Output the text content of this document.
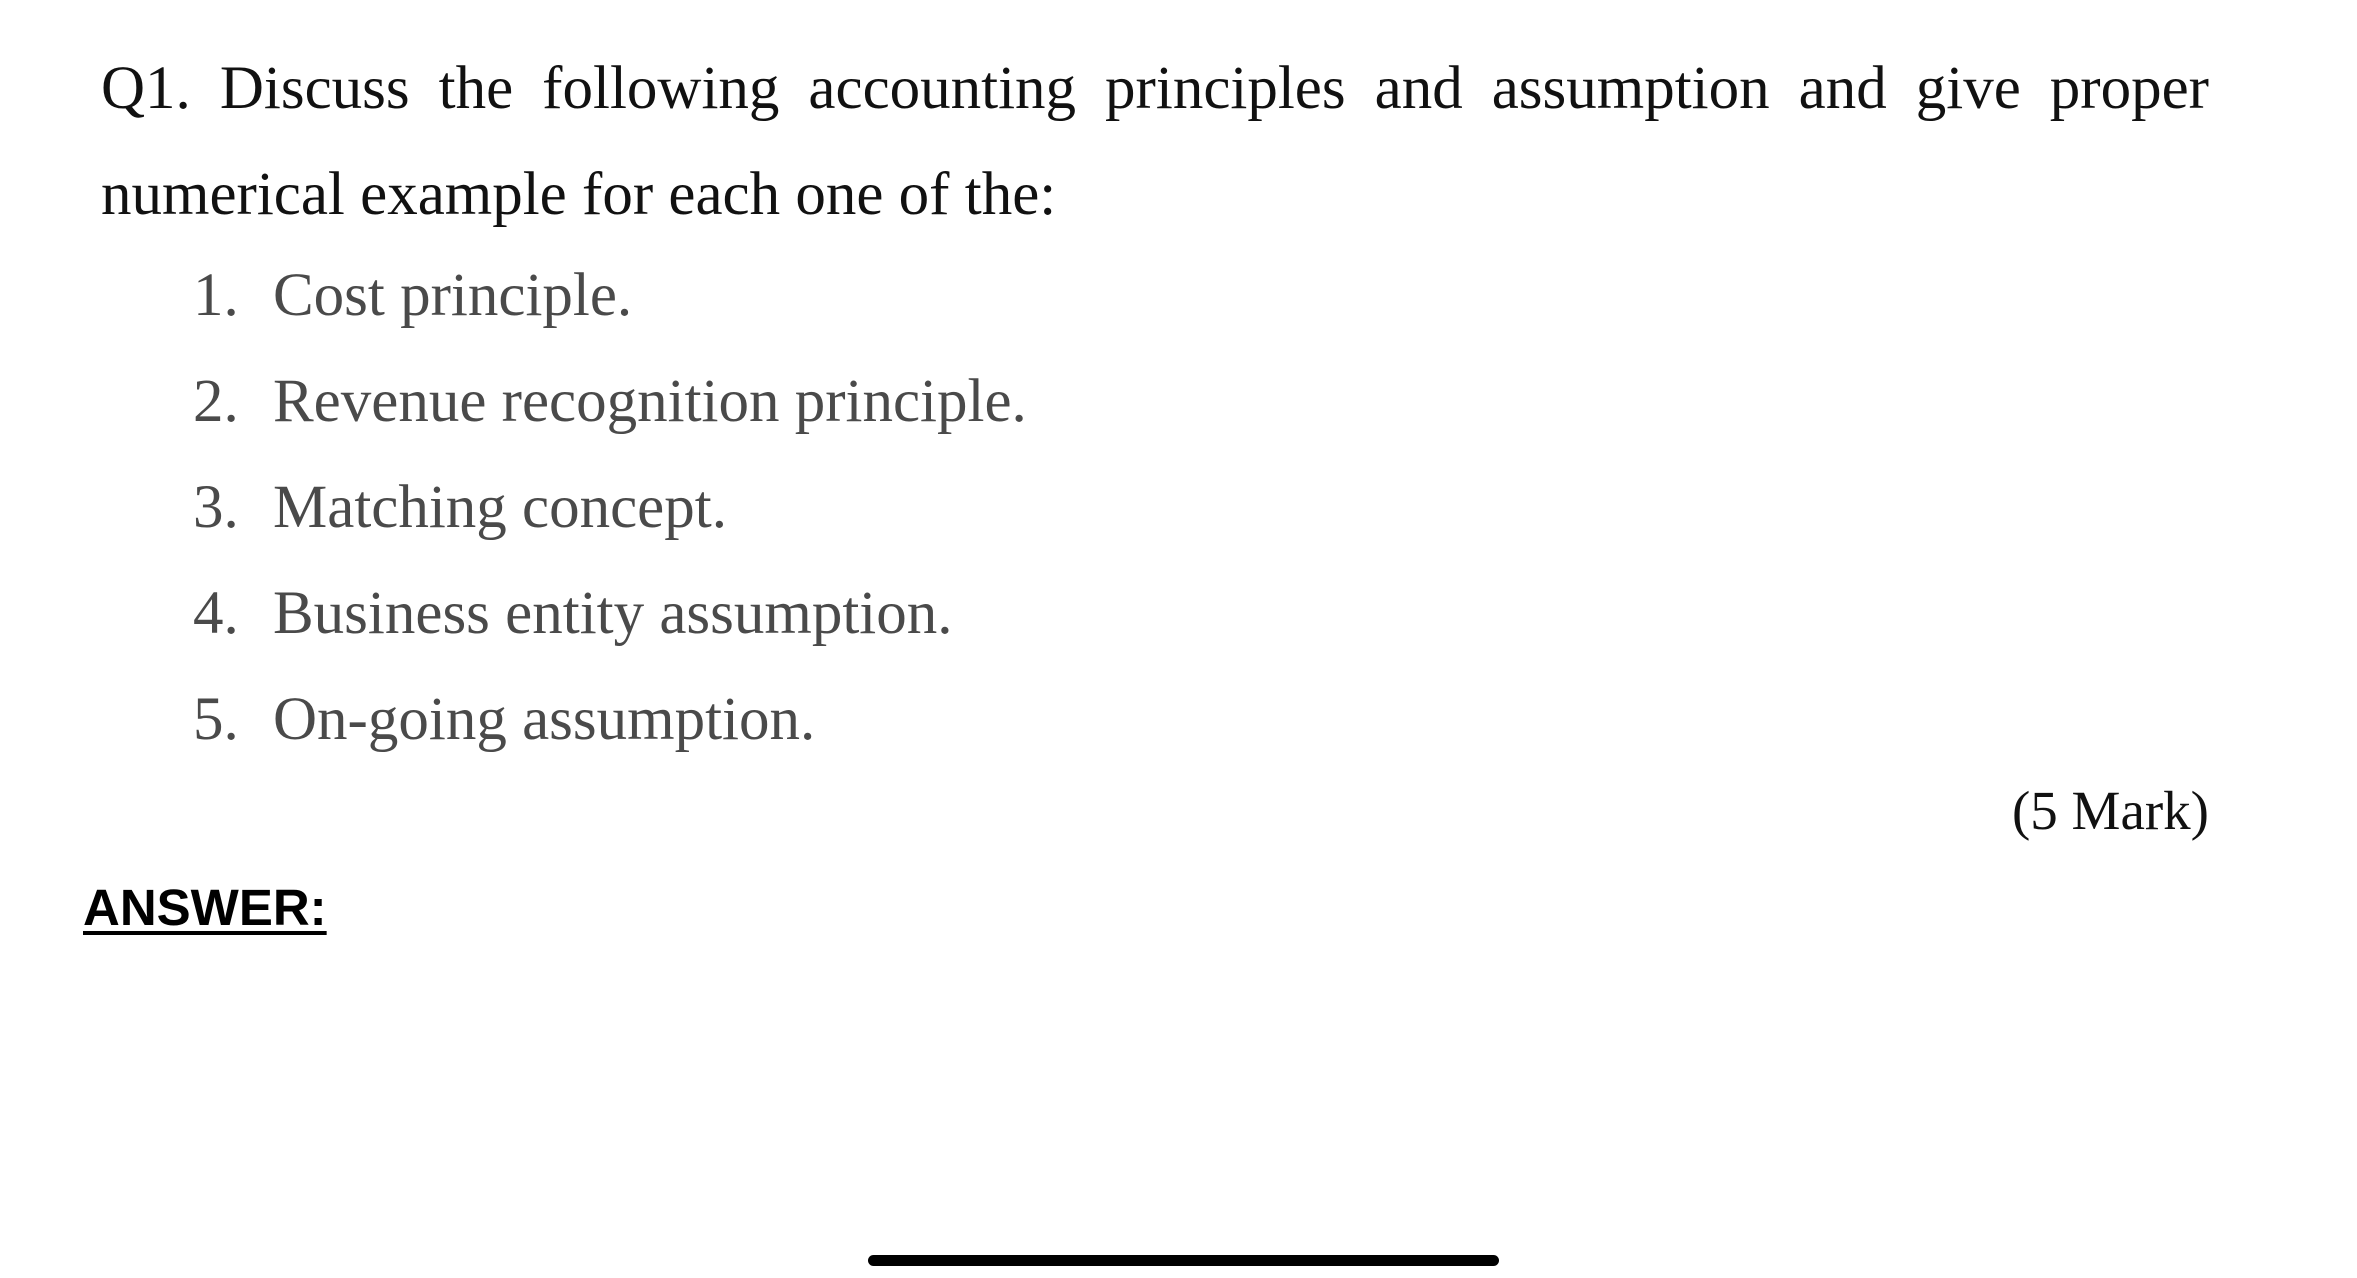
Q1. Discuss the following accounting principles and assumption and give proper numerical example for each one of the:
1. Cost principle.
2. Revenue recognition principle.
3. Matching concept.
4. Business entity assumption.
5. On-going assumption.
(5 Mark)
ANSWER:
